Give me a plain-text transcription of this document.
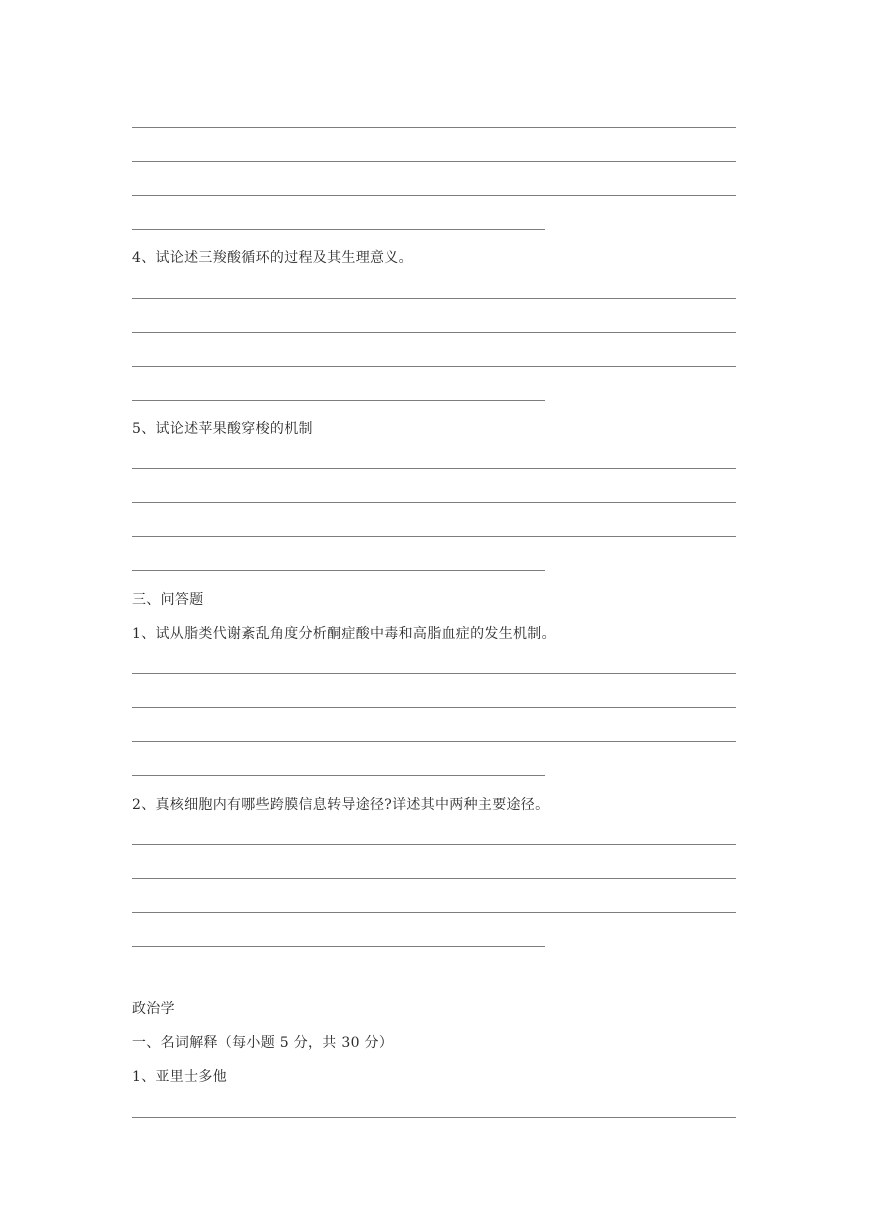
4、试论述三羧酸循环的过程及其生理意义。
5、试论述苹果酸穿梭的机制
三、问答题
1、试从脂类代谢紊乱角度分析酮症酸中毒和高脂血症的发生机制。
2、真核细胞内有哪些跨膜信息转导途径?详述其中两种主要途径。
政治学
一、名词解释（每小题 5 分，共 30 分）
1、亚里士多他
